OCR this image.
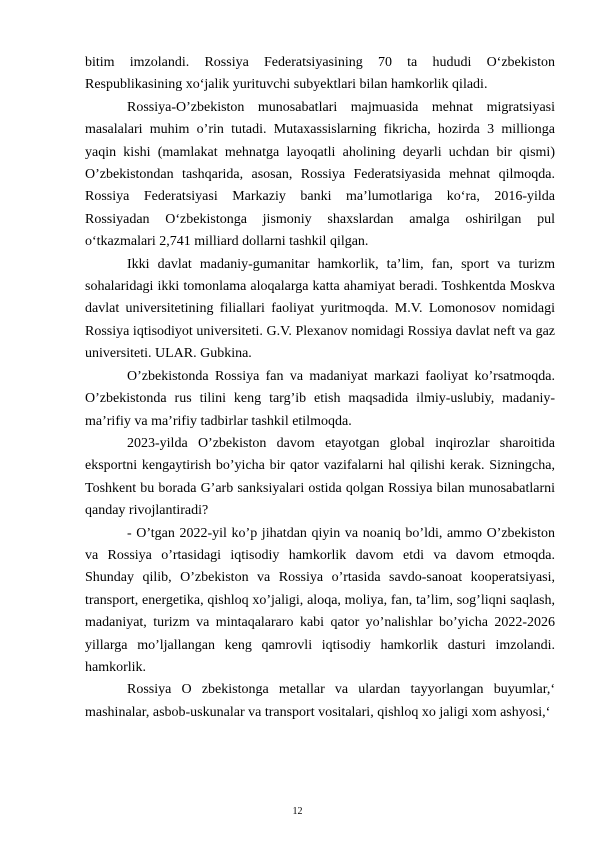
bitim imzolandi. Rossiya Federatsiyasining 70 ta hududi O‘zbekiston Respublikasining xo‘jalik yurituvchi subyektlari bilan hamkorlik qiladi.

Rossiya-O’zbekiston munosabatlari majmuasida mehnat migratsiyasi masalalari muhim o’rin tutadi. Mutaxassislarning fikricha, hozirda 3 millionga yaqin kishi (mamlakat mehnatga layoqatli aholining deyarli uchdan bir qismi) O’zbekistondan tashqarida, asosan, Rossiya Federatsiyasida mehnat qilmoqda. Rossiya Federatsiyasi Markaziy banki ma’lumotlariga ko‘ra, 2016-yilda Rossiyadan O‘zbekistonga jismoniy shaxslardan amalga oshirilgan pul o‘tkazmalari 2,741 milliard dollarni tashkil qilgan.

Ikki davlat madaniy-gumanitar hamkorlik, ta’lim, fan, sport va turizm sohalaridagi ikki tomonlama aloqalarga katta ahamiyat beradi. Toshkentda Moskva davlat universitetining filiallari faoliyat yuritmoqda. M.V. Lomonosov nomidagi Rossiya iqtisodiyot universiteti. G.V. Plexanov nomidagi Rossiya davlat neft va gaz universiteti. ULAR. Gubkina.

O’zbekistonda Rossiya fan va madaniyat markazi faoliyat ko’rsatmoqda. O’zbekistonda rus tilini keng targ’ib etish maqsadida ilmiy-uslubiy, madaniy-ma’rifiy va ma’rifiy tadbirlar tashkil etilmoqda.

2023-yilda O’zbekiston davom etayotgan global inqirozlar sharoitida eksportni kengaytirish bo’yicha bir qator vazifalarni hal qilishi kerak. Sizningcha, Toshkent bu borada G’arb sanksiyalari ostida qolgan Rossiya bilan munosabatlarni qanday rivojlantiradi?

- O’tgan 2022-yil ko’p jihatdan qiyin va noaniq bo’ldi, ammo O’zbekiston va Rossiya o’rtasidagi iqtisodiy hamkorlik davom etdi va davom etmoqda. Shunday qilib, O’zbekiston va Rossiya o’rtasida savdo-sanoat kooperatsiyasi, transport, energetika, qishloq xo’jaligi, aloqa, moliya, fan, ta’lim, sog’liqni saqlash, madaniyat, turizm va mintaqalararo kabi qator yo’nalishlar bo’yicha 2022-2026 yillarga mo’ljallangan keng qamrovli iqtisodiy hamkorlik dasturi imzolandi. hamkorlik.

Rossiya O zbekistonga metallar va ulardan tayyorlangan buyumlar,ʻ mashinalar, asbob-uskunalar va transport vositalari, qishloq xo jaligi xom ashyosi,ʻ

12
